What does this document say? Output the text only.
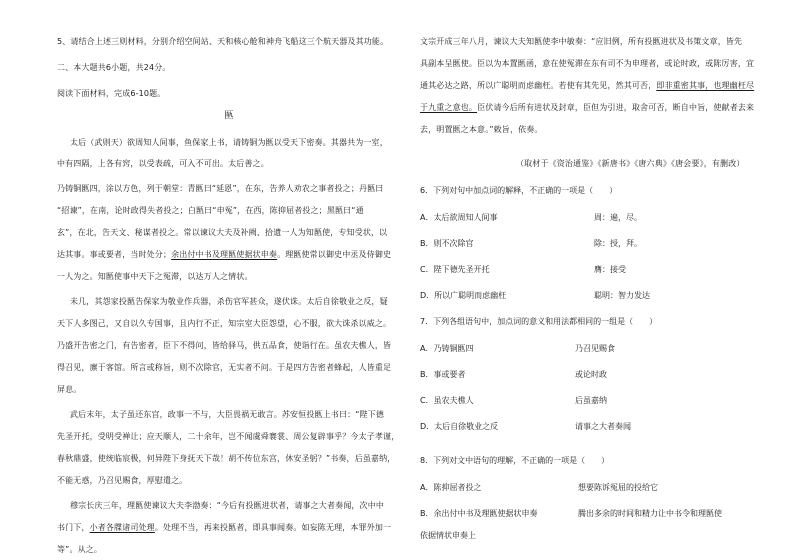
5、请结合上述三则材料，分别介绍空间站、天和核心舱和神舟飞船这三个航天器及其功能。
二、本大题共6小题，共24分。
阅读下面材料，完成6-10题。
匦
太后（武则天）欲周知人间事，鱼保家上书，请铸铜为匦以受天下密奏。其器共为一室，
中有四隔，上各有窍，以受表疏，可入不可出。太后善之。
乃铸铜匦四，涂以方色，列于朝堂：青匦曰“延恩”，在东，告养人劝农之事者投之；丹匦曰
“招谏”，在南，论时政得失者投之；白匦曰“申冤”，在西，陈抑屈者投之；黑匦曰“通
玄”，在北，告天文、秘谋者投之。常以谏议大夫及补阙、拾遗一人为知匦使，专知受状，以
达其事。事或要者，当时处分；余出付中书及理匦使据状申奏。理匦使常以御史中丞及侍御史
一人为之。知匦使事中天下之冤滞，以达万人之情状。
未几，其怨家投匦告保家为敬业作兵器，杀伤官军甚众，遂伏诛。太后自徐敬业之反，疑
天下人多图己，又自以久专国事，且内行不正，知宗室大臣怨望，心不服，欲大诛杀以威之。
乃盛开告密之门，有告密者，臣下不得问，皆给驿马，供五品食，使诣行在。虽农夫樵人，皆
得召见，廪于客馆。所言或称旨，则不次除官，无实者不问。于是四方告密者蜂起，人皆重足
屏息。
武后末年，太子虽还东宫，政事一不与，大臣畏祸无敢言。苏安恒投匦上书曰：“陛下德
先圣开托，受明受禅让；应天顺人，二十余年，岂不闻虞舜褰裳、周公复辟事乎？今太子孝谨，
春秋鼎盛，使统临宸极，何异陛下身抚天下哉！胡不传位东宫，休安圣躬？”书奏，后虽嘉纳，
不能无惑，乃召见赐食，厚慰遣之。
穆宗长庆三年，理匦使谏议大夫李渤奏：“今后有投匦进状者，请事之大者奏闻，次中中
书门下，小者各牒诸司处理。处理不当，再来投匦者，即具事闻奏。如妄陈无理，本罪外加一
等”。从之。
文宗开成三年八月，谏议大夫知匦使李中敏奏：“应旧例，所有投匦进状及书策文章，皆先
具副本呈匦使。臣以为本置匦函，意在使冤滞在东有司不为申理者，或论时政，或陈厉害，宜
通其必达之路，所以广聪明而虑幽枉。若使有其先见，然其可否，即非重密其事，也理幽枉尽
于九重之意也。臣伏请今后所有进状及封章，臣但为引进，取舍可否，断自中旨，使献者去来
去，明置匦之本意。”敕旨，依奏。
（取材于《资治通鉴》《新唐书》《唐六典》《唐会要》，有删改）
6．下列对句中加点词的解释，不正确的一项是（　　）
A．太后欲周知人间事	周：遍，尽。
B．则不次除官	除：授，拜。
C．陛下德先圣开托	膺：接受
D．所以广聪明而虑幽枉	聪明：智力发达
7．下列各组语句中，加点词的意义和用法都相同的一组是（　　）
A．乃铸铜匦四	乃召见赐食
B．事或要者	或论时政
C．虽农夫樵人	后虽嘉纳
D．太后自徐敬业之反	请事之大者奏闻
8．下列对文中语句的理解，不正确的一项是（　　）
A．陈抑屈者投之	想要陈诉冤屈的投给它
B．余出付中书及理匦使据状申奏	腾出多余的时间和精力让中书令和理匦使
依据情状申奏上
